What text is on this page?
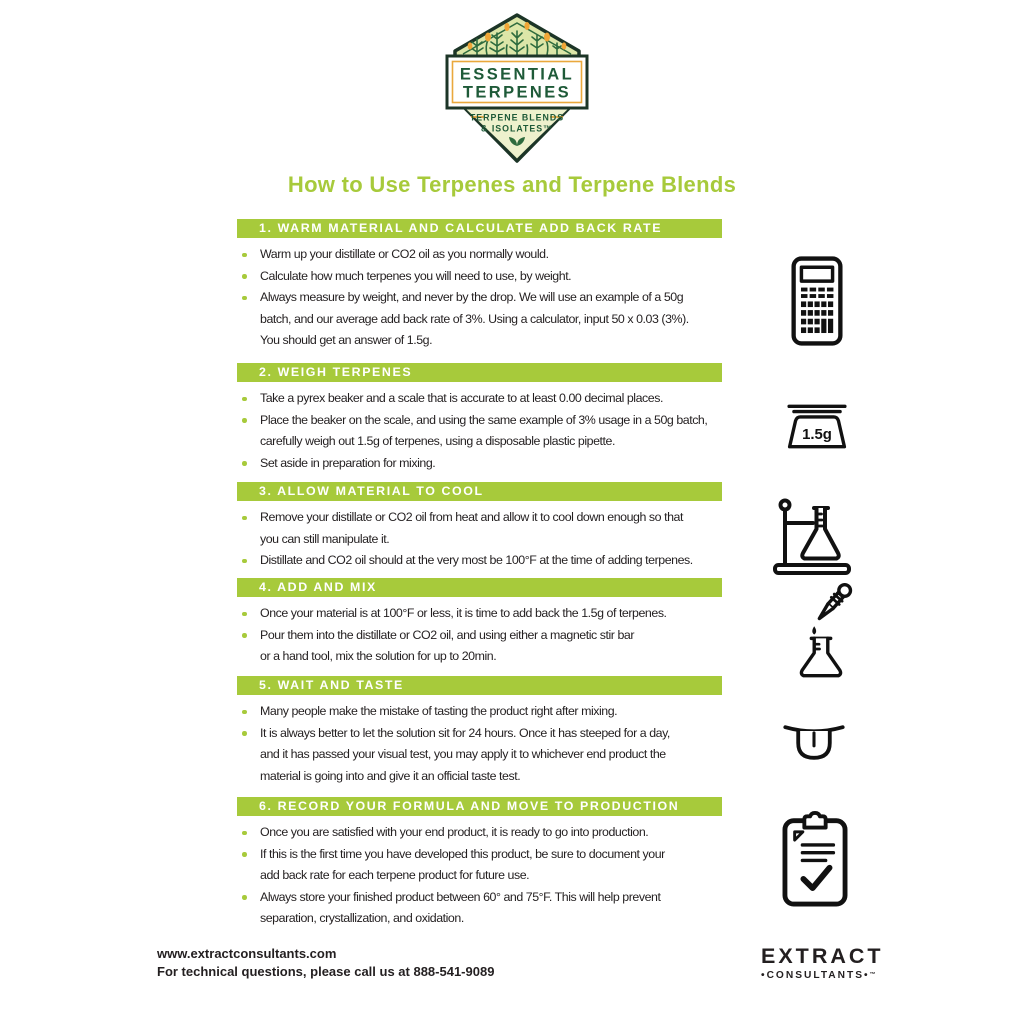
ESSENTIAL
TERPENES
TERPENE BLENDS
& ISOLATES™
How to Use Terpenes and Terpene Blends
1. WARM MATERIAL AND CALCULATE ADD BACK RATE
Warm up your distillate or CO2 oil as you normally would.
Calculate how much terpenes you will need to use, by weight.
Always measure by weight, and never by the drop. We will use an example of a 50g
batch, and our average add back rate of 3%. Using a calculator, input 50 x 0.03 (3%).
You should get an answer of 1.5g.
2. WEIGH TERPENES
Take a pyrex beaker and a scale that is accurate to at least 0.00 decimal places.
Place the beaker on the scale, and using the same example of 3% usage in a 50g batch,
carefully weigh out 1.5g of terpenes, using a disposable plastic pipette.
Set aside in preparation for mixing.
3. ALLOW MATERIAL TO COOL
Remove your distillate or CO2 oil from heat and allow it to cool down enough so that
you can still manipulate it.
Distillate and CO2 oil should at the very most be 100°F at the time of adding terpenes.
4. ADD AND MIX
Once your material is at 100°F or less, it is time to add back the 1.5g of terpenes.
Pour them into the distillate or CO2 oil, and using either a magnetic stir bar
or a hand tool, mix the solution for up to 20min.
5. WAIT AND TASTE
Many people make the mistake of tasting the product right after mixing.
It is always better to let the solution sit for 24 hours. Once it has steeped for a day,
and it has passed your visual test, you may apply it to whichever end product the
material is going into and give it an official taste test.
6. RECORD YOUR FORMULA AND MOVE TO PRODUCTION
Once you are satisfied with your end product, it is ready to go into production.
If this is the first time you have developed this product, be sure to document your
add back rate for each terpene product for future use.
Always store your finished product between 60° and 75°F. This will help prevent
separation, crystallization, and oxidation.
1.5g
www.extractconsultants.com
For technical questions, please call us at 888-541-9089
EXTRACT
•CONSULTANTS•™
